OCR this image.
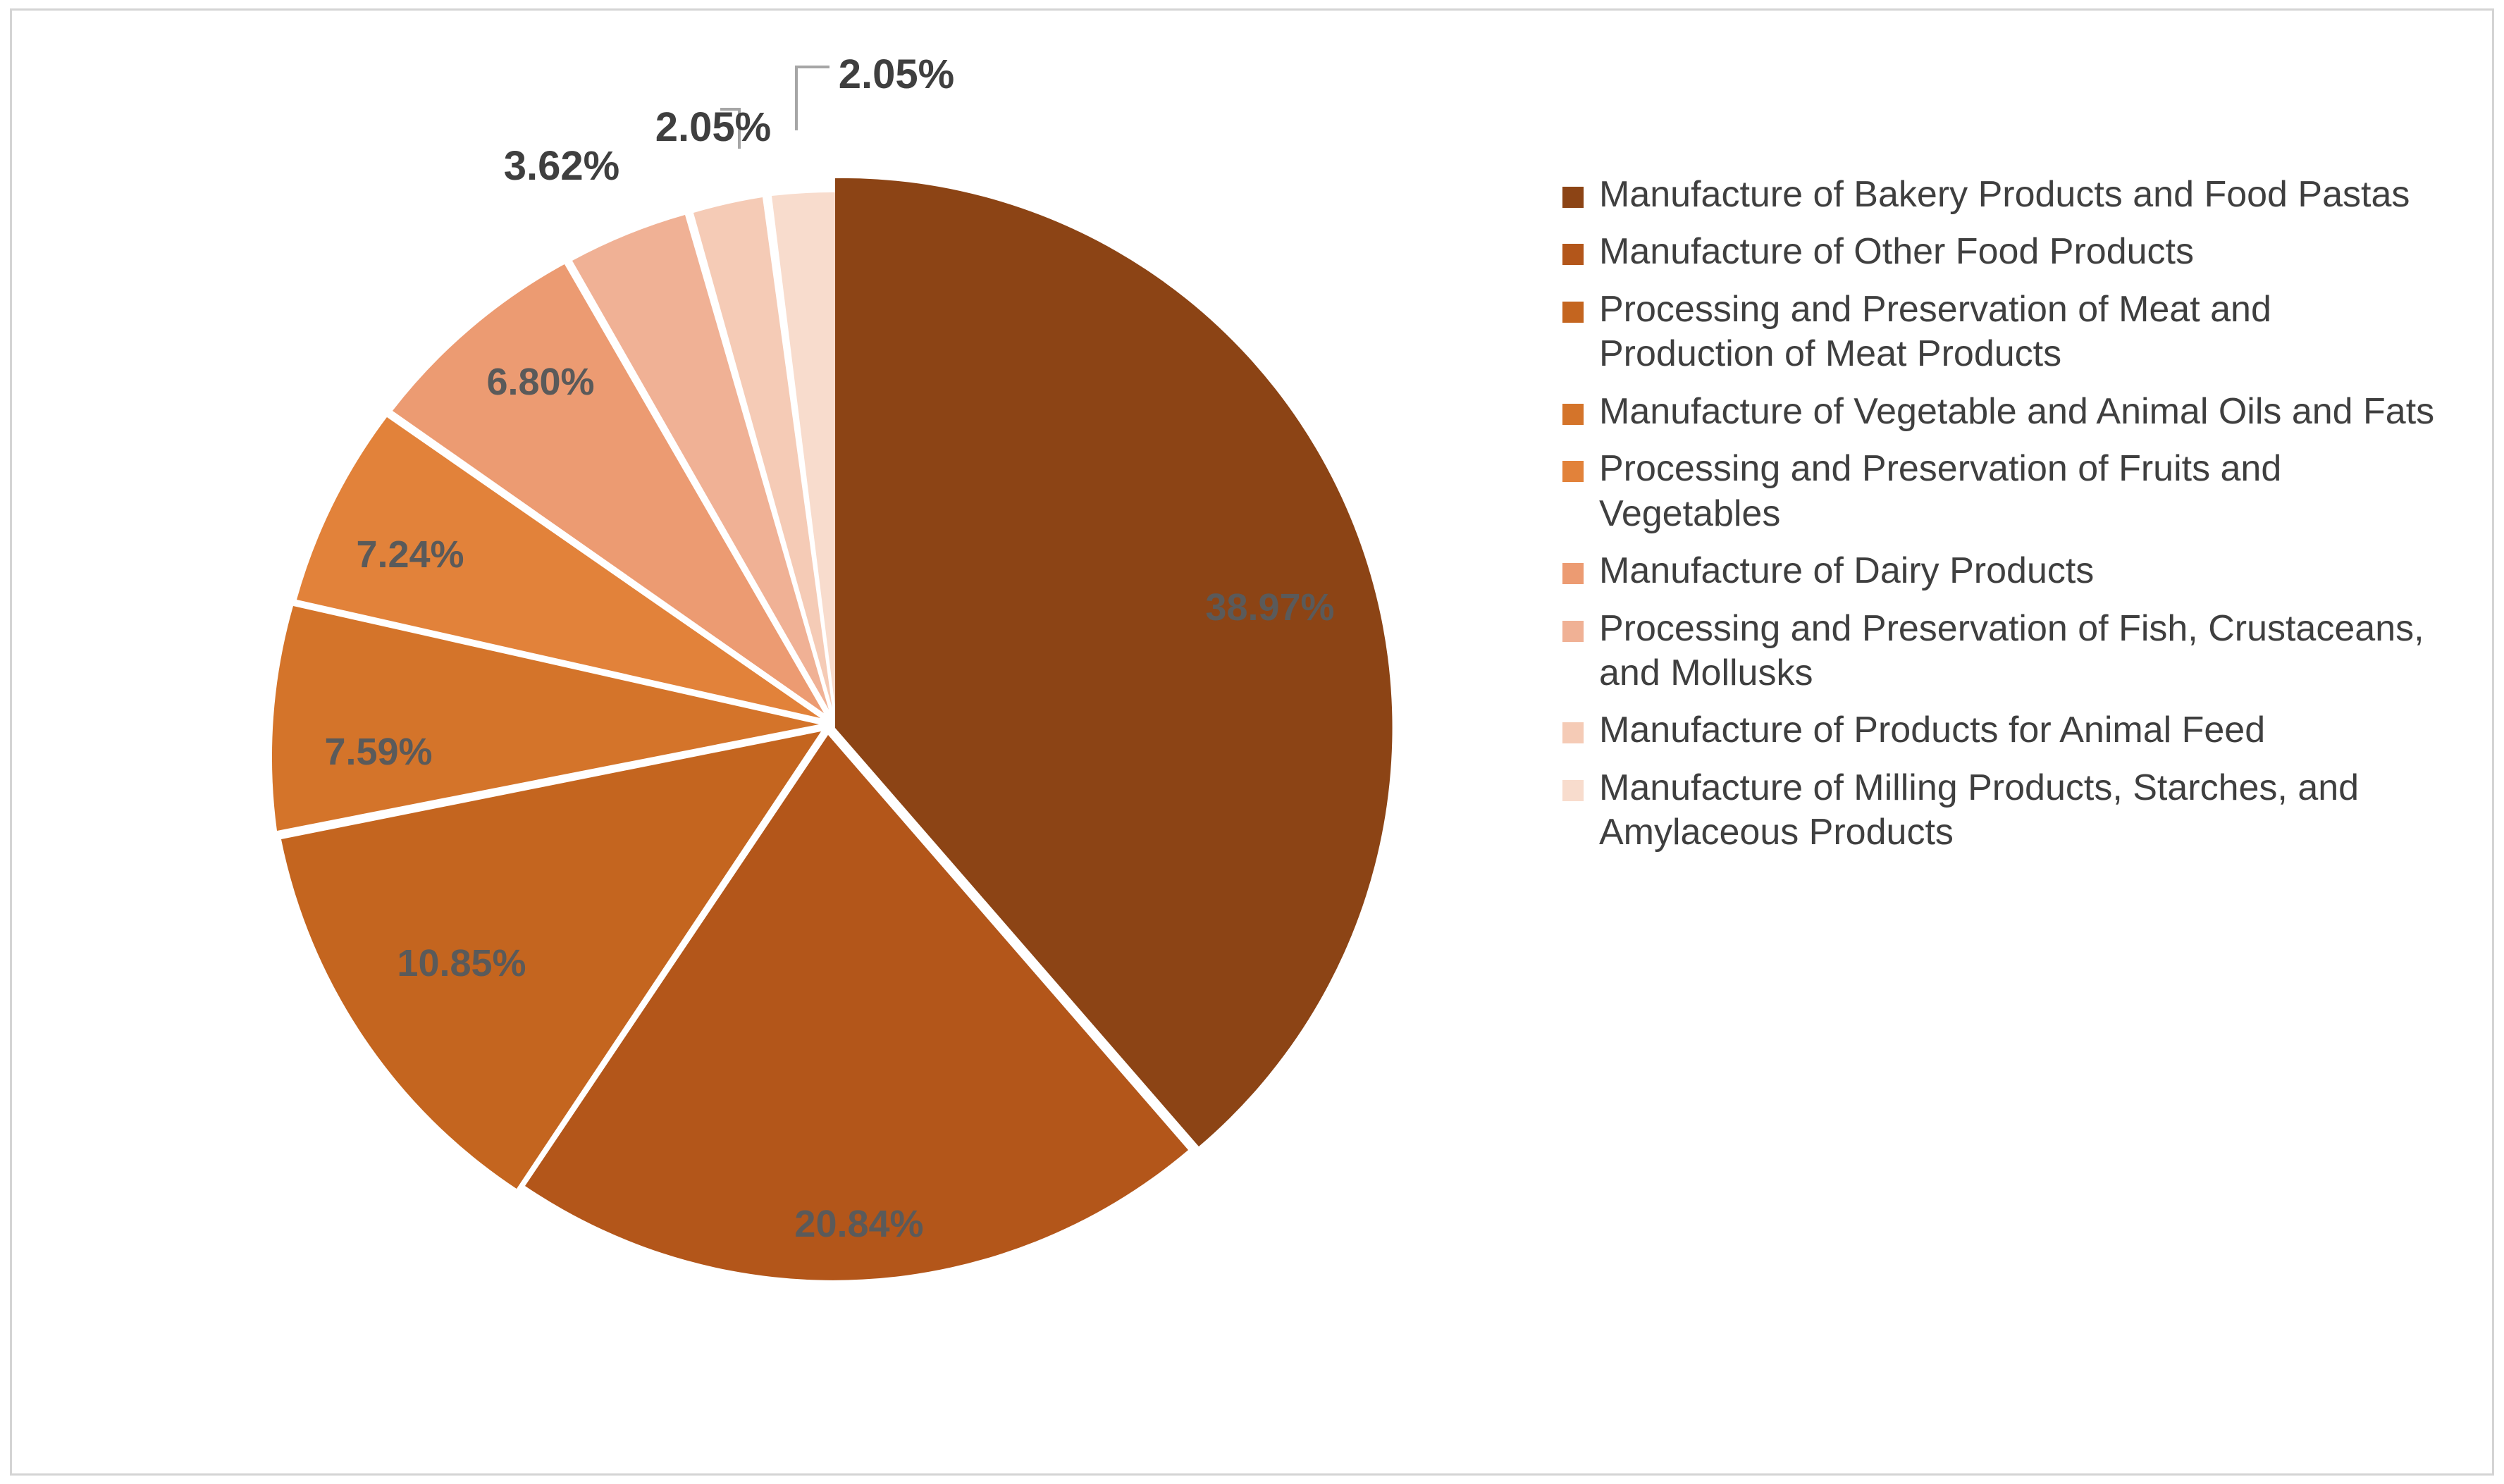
38.97%
20.84%
10.85%
7.59%
7.24%
6.80%
3.62%
2.05%
2.05%
Manufacture of Bakery Products and Food Pastas
Manufacture of Other Food Products
Processing and Preservation of Meat and Production of Meat Products
Manufacture of Vegetable and Animal Oils and Fats
Processing and Preservation of Fruits and Vegetables
Manufacture of Dairy Products
Processing and Preservation of Fish, Crustaceans, and Mollusks
Manufacture of Products for Animal Feed
Manufacture of Milling Products, Starches, and Amylaceous Products
